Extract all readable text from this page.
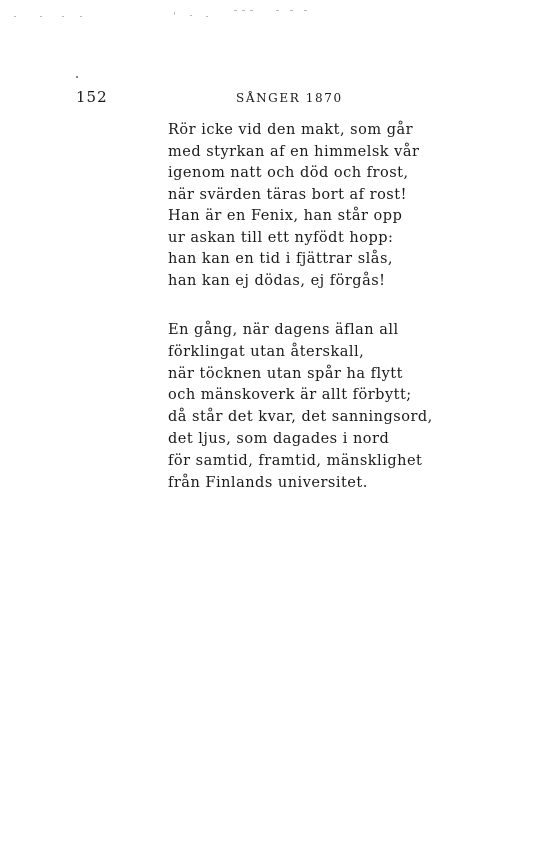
152	SÅNGER 1870
Rör icke vid den makt, som går
med styrkan af en himmelsk vår
igenom natt och död och frost,
när svärden täras bort af rost!
Han är en Fenix, han står opp
ur askan till ett nyfödt hopp:
han kan en tid i fjättrar slås,
han kan ej dödas, ej förgås!
En gång, när dagens äflan all
förklingat utan återskall,
när töcknen utan spår ha flytt
och mänskoverk är allt förbytt;
då står det kvar, det sanningsord,
det ljus, som dagades i nord
för samtid, framtid, mänsklighet
från Finlands universitet.
